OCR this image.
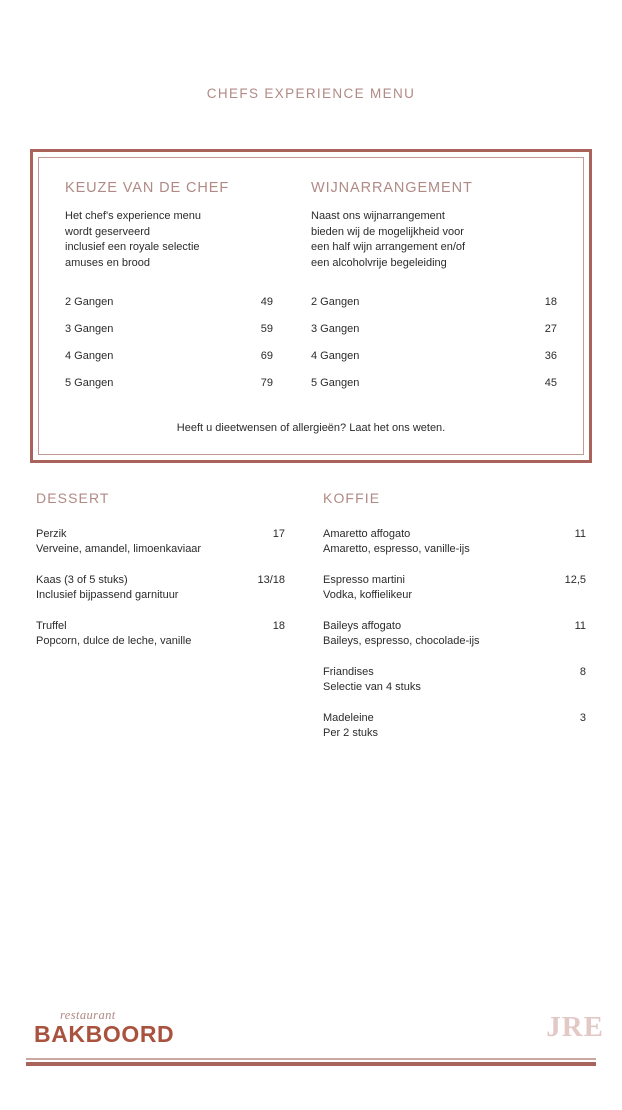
CHEFS EXPERIENCE MENU
KEUZE VAN DE CHEF
Het chef's experience menu
wordt geserveerd
inclusief een royale selectie
amuses en brood
2 Gangen	49
3 Gangen	59
4 Gangen	69
5 Gangen	79
WIJNARRANGEMENT
Naast ons wijnarrangement
bieden wij de mogelijkheid voor
een half wijn arrangement en/of
een alcoholvrije begeleiding
2 Gangen	18
3 Gangen	27
4 Gangen	36
5 Gangen	45
Heeft u dieetwensen of allergieën? Laat het ons weten.
DESSERT
Perzik	17
Verveine, amandel, limoenkaviaar
Kaas (3 of 5 stuks)	13/18
Inclusief bijpassend garnituur
Truffel	18
Popcorn, dulce de leche, vanille
KOFFIE
Amaretto affogato	11
Amaretto, espresso, vanille-ijs
Espresso martini	12,5
Vodka, koffielikeur
Baileys affogato	11
Baileys, espresso, chocolade-ijs
Friandises	8
Selectie van 4 stuks
Madeleine	3
Per 2 stuks
restaurant
BAKBOORD	JRE
